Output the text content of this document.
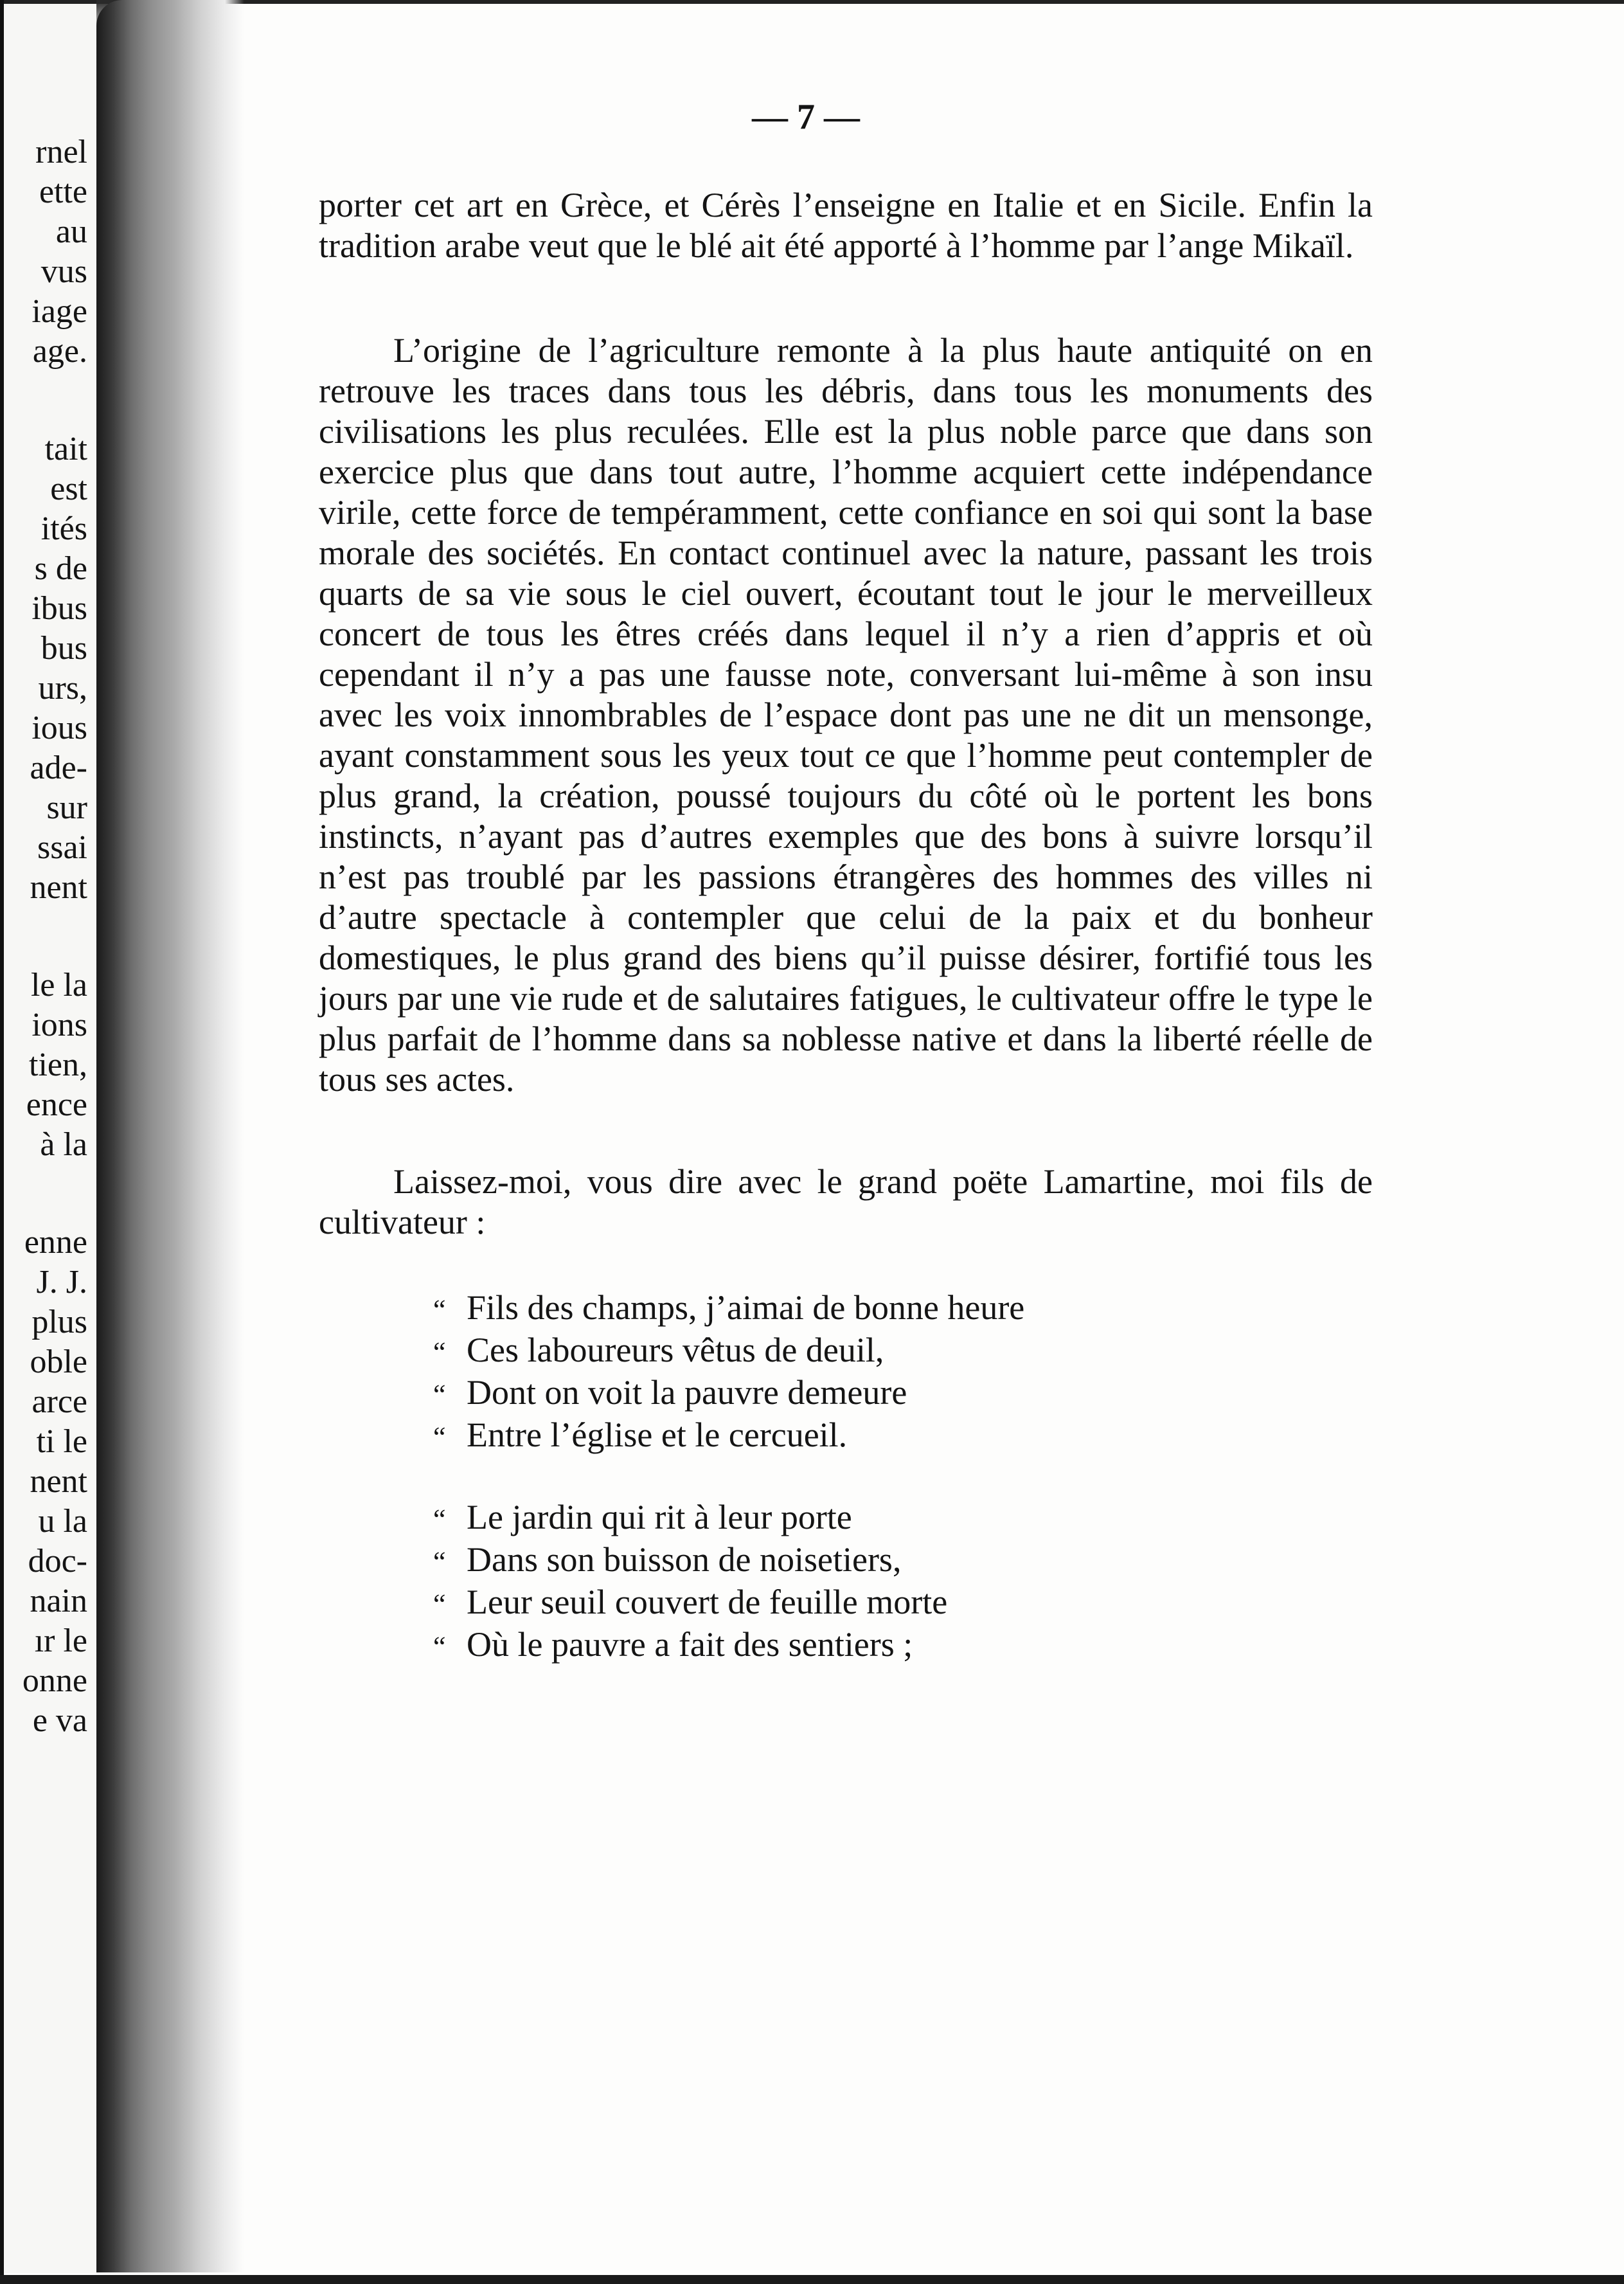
rnel
ette
au
vus
iage
age.
tait
est
ités
s de
ibus
bus
urs,
ious
ade-
sur
ssai
nent
le la
ions
tien,
ence
à la
enne
J. J.
plus
oble
arce
ti le
nent
u la
doc-
nain
ır le
onne
e va
— 7 —

porter cet art en Grèce, et Cérès l’enseigne en Italie et en Sicile. Enfin la tradition arabe veut que le blé ait été apporté à l’homme par l’ange Mikaïl.

L’origine de l’agriculture remonte à la plus haute antiquité on en retrouve les traces dans tous les débris, dans tous les monuments des civilisations les plus reculées. Elle est la plus noble parce que dans son exercice plus que dans tout autre, l’homme acquiert cette indépendance virile, cette force de tempéramment, cette confiance en soi qui sont la base morale des sociétés. En contact continuel avec la nature, passant les trois quarts de sa vie sous le ciel ouvert, écoutant tout le jour le merveilleux concert de tous les êtres créés dans lequel il n’y a rien d’appris et où cependant il n’y a pas une fausse note, conversant lui-même à son insu avec les voix innombrables de l’espace dont pas une ne dit un mensonge, ayant constamment sous les yeux tout ce que l’homme peut contempler de plus grand, la création, poussé toujours du côté où le portent les bons instincts, n’ayant pas d’autres exemples que des bons à suivre lorsqu’il n’est pas troublé par les passions étrangères des hommes des villes ni d’autre spectacle à contempler que celui de la paix et du bonheur domestiques, le plus grand des biens qu’il puisse désirer, fortifié tous les jours par une vie rude et de salutaires fatigues, le cultivateur offre le type le plus parfait de l’homme dans sa noblesse native et dans la liberté réelle de tous ses actes.

Laissez-moi, vous dire avec le grand poëte Lamartine, moi fils de cultivateur :

“ Fils des champs, j’aimai de bonne heure
“ Ces laboureurs vêtus de deuil,
“ Dont on voit la pauvre demeure
“ Entre l’église et le cercueil.
“ Le jardin qui rit à leur porte
“ Dans son buisson de noisetiers,
“ Leur seuil couvert de feuille morte
“ Où le pauvre a fait des sentiers ;
